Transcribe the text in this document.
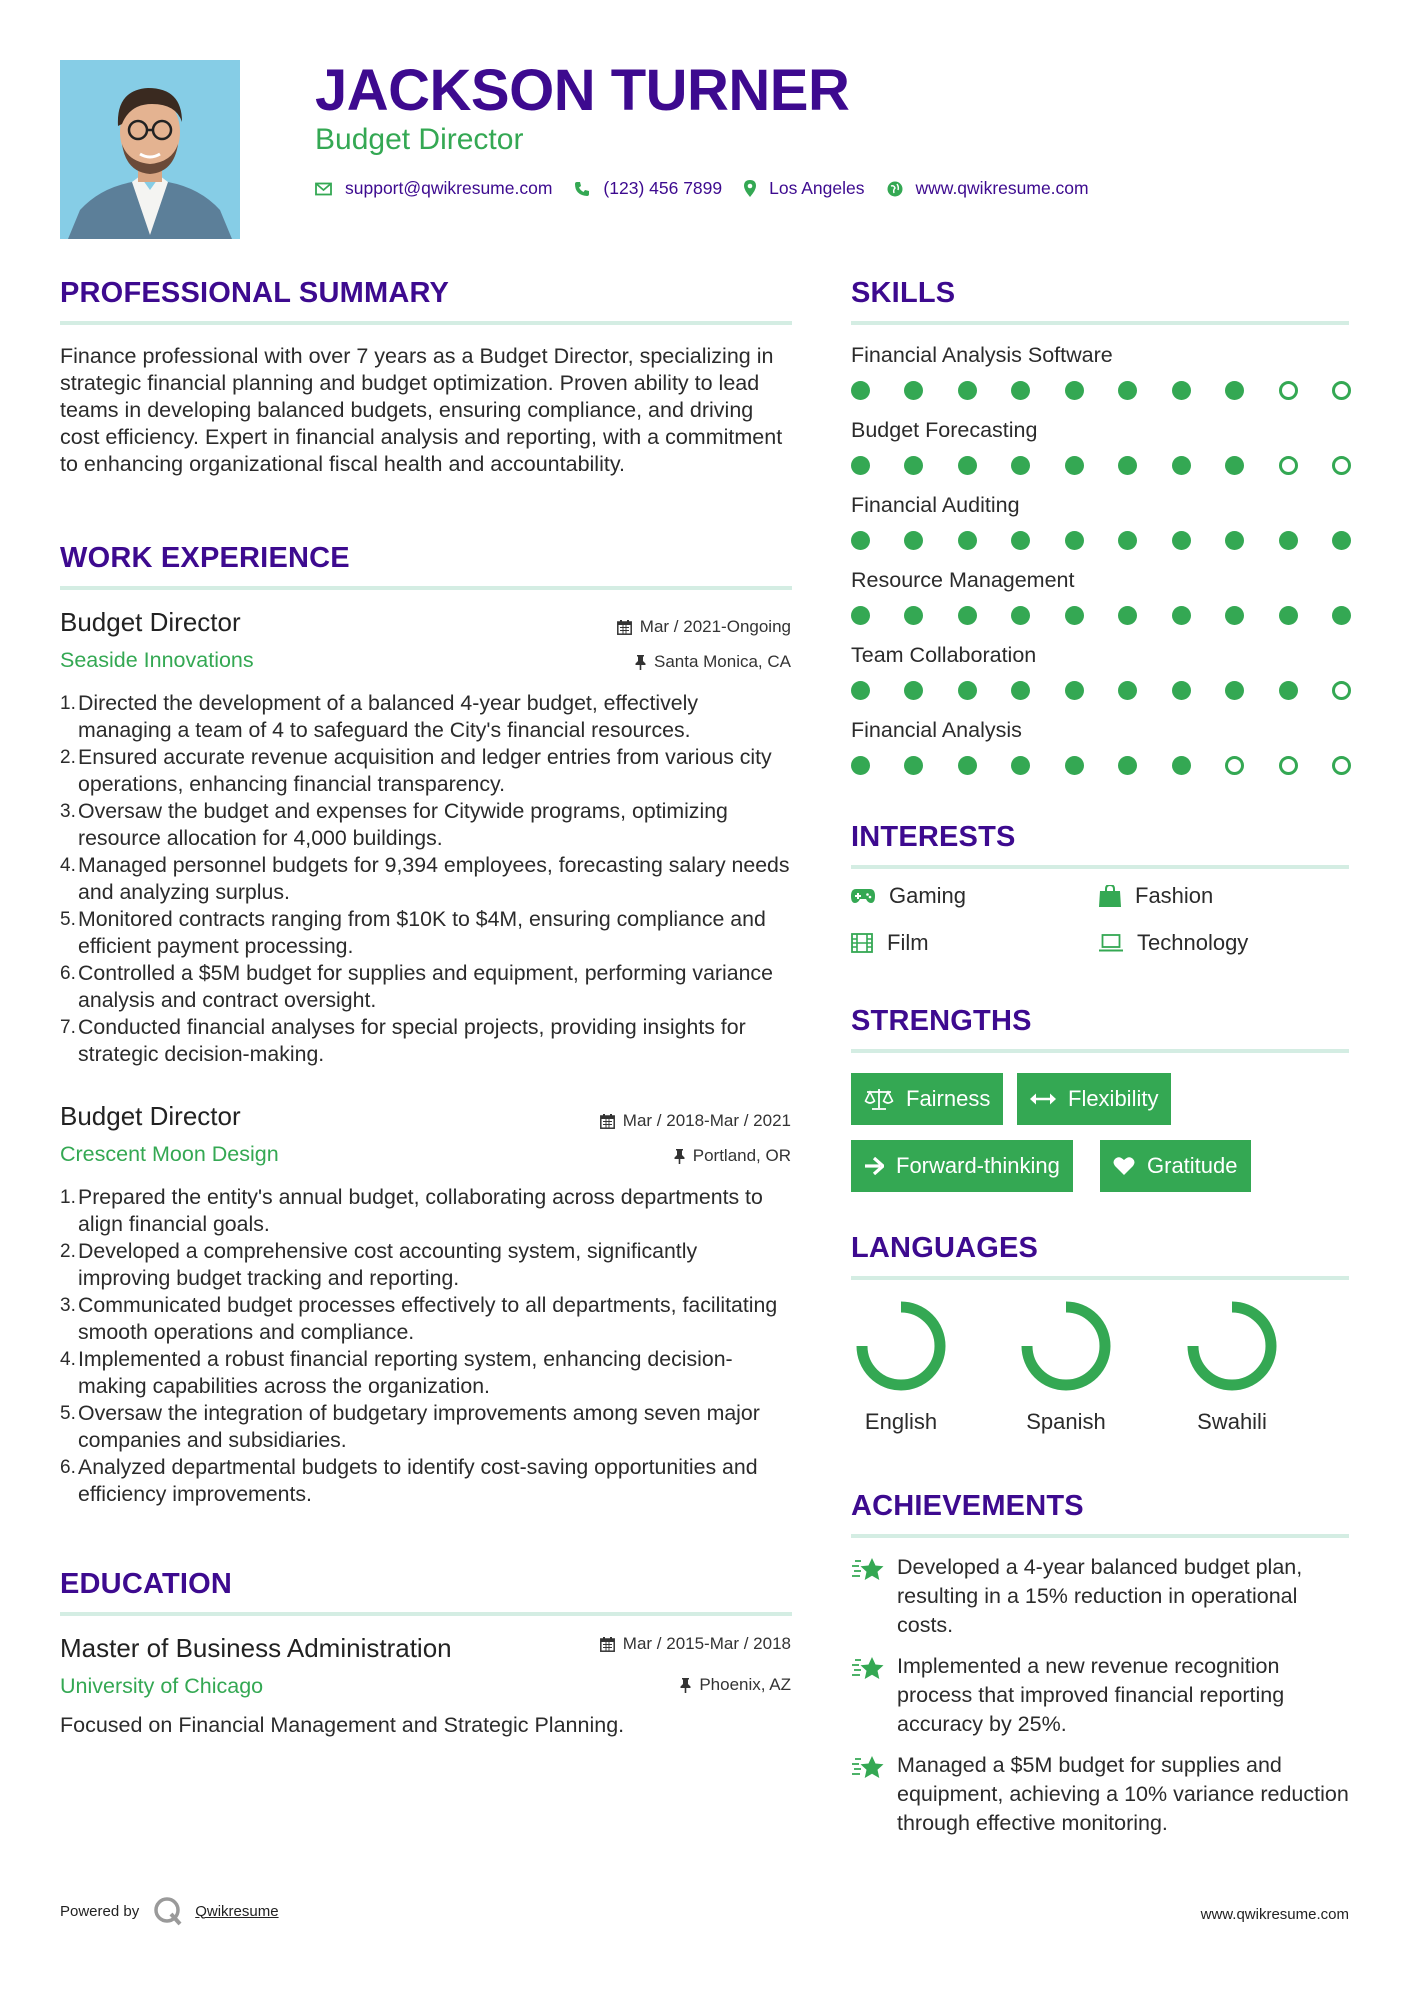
JACKSON TURNER
Budget Director
support@qwikresume.com	(123) 456 7899	Los Angeles	www.qwikresume.com
PROFESSIONAL SUMMARY

Finance professional with over 7 years as a Budget Director, specializing in strategic financial planning and budget optimization. Proven ability to lead teams in developing balanced budgets, ensuring compliance, and driving cost efficiency. Expert in financial analysis and reporting, with a commitment to enhancing organizational fiscal health and accountability.

WORK EXPERIENCE
Budget Director
Seaside Innovations
Mar / 2021-Ongoing
Santa Monica, CA
Directed the development of a balanced 4-year budget, effectively managing a team of 4 to safeguard the City's financial resources.
Ensured accurate revenue acquisition and ledger entries from various city operations, enhancing financial transparency.
Oversaw the budget and expenses for Citywide programs, optimizing resource allocation for 4,000 buildings.
Managed personnel budgets for 9,394 employees, forecasting salary needs and analyzing surplus.
Monitored contracts ranging from $10K to $4M, ensuring compliance and efficient payment processing.
Controlled a $5M budget for supplies and equipment, performing variance analysis and contract oversight.
Conducted financial analyses for special projects, providing insights for strategic decision-making.
Budget Director
Crescent Moon Design
Mar / 2018-Mar / 2021
Portland, OR
Prepared the entity's annual budget, collaborating across departments to align financial goals.
Developed a comprehensive cost accounting system, significantly improving budget tracking and reporting.
Communicated budget processes effectively to all departments, facilitating smooth operations and compliance.
Implemented a robust financial reporting system, enhancing decision-making capabilities across the organization.
Oversaw the integration of budgetary improvements among seven major companies and subsidiaries.
Analyzed departmental budgets to identify cost-saving opportunities and efficiency improvements.
EDUCATION
Master of Business Administration
University of Chicago
Mar / 2015-Mar / 2018
Phoenix, AZ
Focused on Financial Management and Strategic Planning.
SKILLS
Financial Analysis Software
Budget Forecasting
Financial Auditing
Resource Management
Team Collaboration
Financial Analysis
INTERESTS
Gaming	Fashion
Film	Technology
STRENGTHS
Fairness	Flexibility
Forward-thinking	Gratitude
LANGUAGES
English	Spanish	Swahili
ACHIEVEMENTS
Developed a 4-year balanced budget plan, resulting in a 15% reduction in operational costs.
Implemented a new revenue recognition process that improved financial reporting accuracy by 25%.
Managed a $5M budget for supplies and equipment, achieving a 10% variance reduction through effective monitoring.
Powered by	Qwikresume	www.qwikresume.com
